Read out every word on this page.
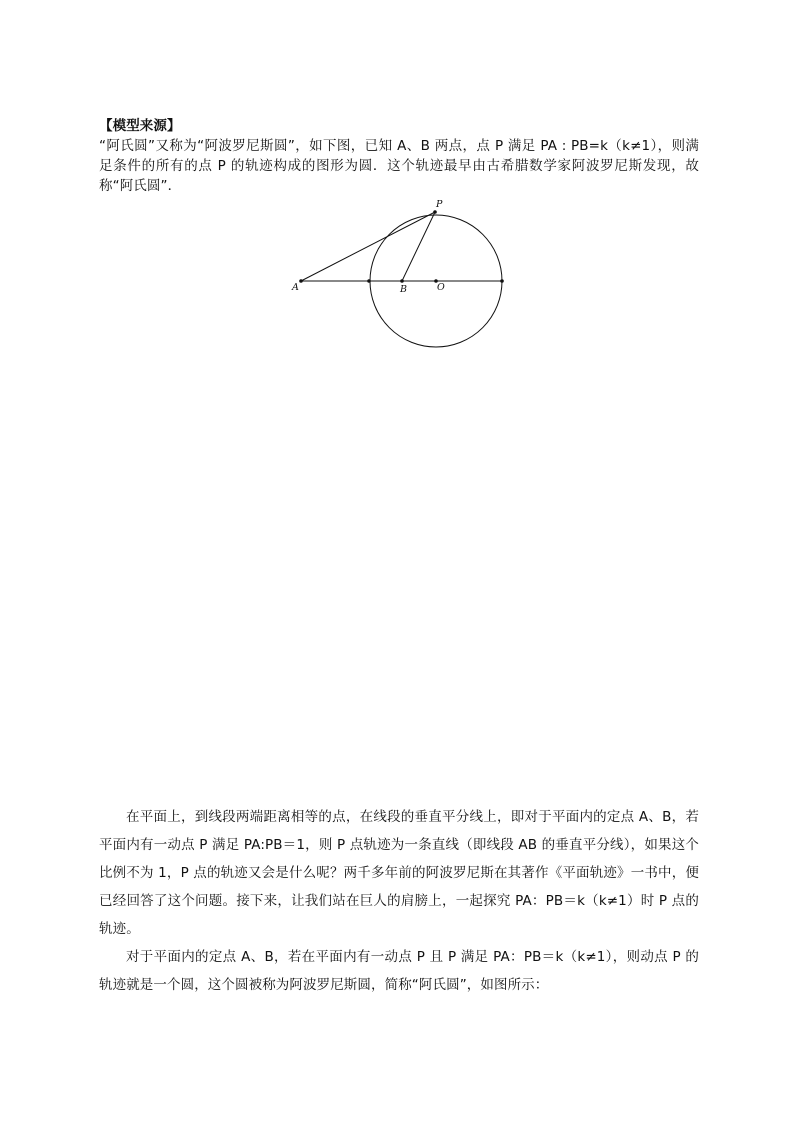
【模型来源】
“阿氏圆”又称为“阿波罗尼斯圆”，如下图，已知 A、B 两点，点 P 满足 PA : PB=k（k≠1），则满足条件的所有的点 P 的轨迹构成的图形为圆．这个轨迹最早由古希腊数学家阿波罗尼斯发现，故称“阿氏圆”．
A	B	O
P

在平面上，到线段两端距离相等的点，在线段的垂直平分线上，即对于平面内的定点 A、B，若平面内有一动点 P 满足 PA:PB＝1，则 P 点轨迹为一条直线（即线段 AB 的垂直平分线），如果这个比例不为 1，P 点的轨迹又会是什么呢？两千多年前的阿波罗尼斯在其著作《平面轨迹》一书中，便已经回答了这个问题。接下来，让我们站在巨人的肩膀上，一起探究 PA：PB＝k（k≠1）时 P 点的轨迹。

对于平面内的定点 A、B，若在平面内有一动点 P 且 P 满足 PA：PB＝k（k≠1），则动点 P 的轨迹就是一个圆，这个圆被称为阿波罗尼斯圆，简称“阿氏圆”，如图所示：
